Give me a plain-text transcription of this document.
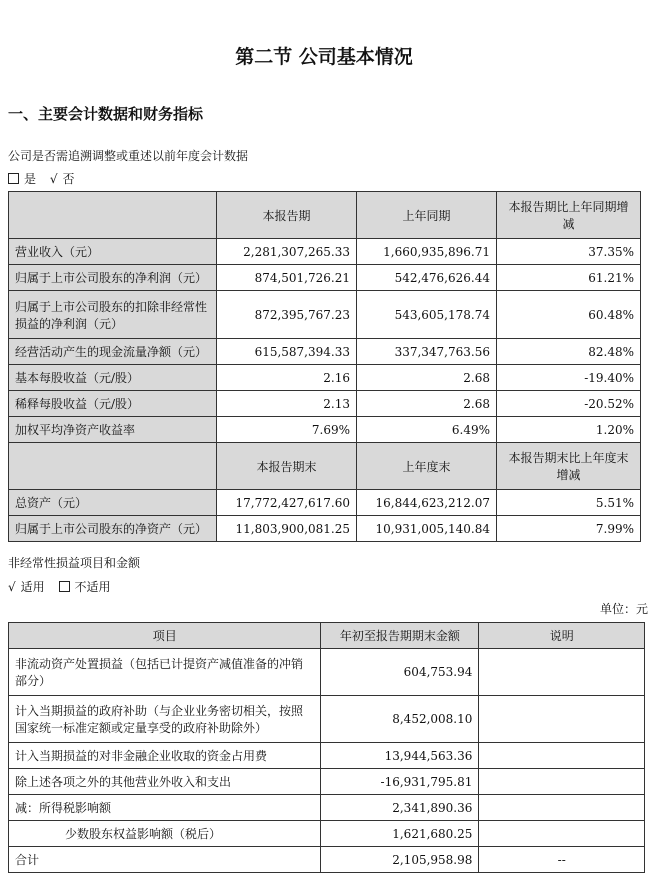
第二节 公司基本情况
一、主要会计数据和财务指标
公司是否需追溯调整或重述以前年度会计数据
是 √ 否
	本报告期	上年同期	本报告期比上年同期增减
营业收入（元）	2,281,307,265.33	1,660,935,896.71	37.35%
归属于上市公司股东的净利润（元）	874,501,726.21	542,476,626.44	61.21%
归属于上市公司股东的扣除非经常性损益的净利润（元）	872,395,767.23	543,605,178.74	60.48%
经营活动产生的现金流量净额（元）	615,587,394.33	337,347,763.56	82.48%
基本每股收益（元/股）	2.16	2.68	-19.40%
稀释每股收益（元/股）	2.13	2.68	-20.52%
加权平均净资产收益率	7.69%	6.49%	1.20%
	本报告期末	上年度末	本报告期末比上年度末增减
总资产（元）	17,772,427,617.60	16,844,623,212.07	5.51%
归属于上市公司股东的净资产（元）	11,803,900,081.25	10,931,005,140.84	7.99%
非经常性损益项目和金额
√ 适用 不适用
单位：元
项目	年初至报告期期末金额	说明
非流动资产处置损益（包括已计提资产减值准备的冲销部分）	604,753.94	
计入当期损益的政府补助（与企业业务密切相关，按照国家统一标准定额或定量享受的政府补助除外）	8,452,008.10	
计入当期损益的对非金融企业收取的资金占用费	13,944,563.36	
除上述各项之外的其他营业外收入和支出	-16,931,795.81	
减：所得税影响额	2,341,890.36	
少数股东权益影响额（税后）	1,621,680.25	
合计	2,105,958.98	--
